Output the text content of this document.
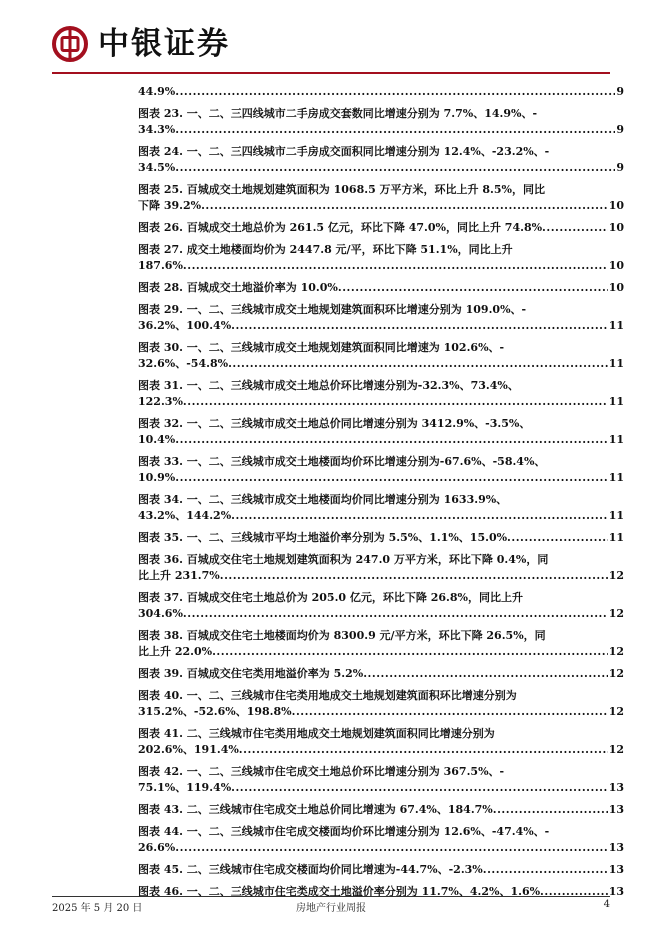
中银证券
44.9% .....	9
图表 23. 一、二、三四线城市二手房成交套数同比增速分别为 7.7%、14.9%、-
34.3% .....	9
图表 24. 一、二、三四线城市二手房成交面积同比增速分别为 12.4%、-23.2%、-
34.5% .....	9
图表 25. 百城成交土地规划建筑面积为 1068.5 万平方米，环比上升 8.5%，同比
下降 39.2% .....	10
图表 26. 百城成交土地总价为 261.5 亿元，环比下降 47.0%，同比上升 74.8% .....	10
图表 27. 成交土地楼面均价为 2447.8 元/平，环比下降 51.1%，同比上升
187.6% .....	10
图表 28. 百城成交土地溢价率为 10.0% .....	10
图表 29. 一、二、三线城市成交土地规划建筑面积环比增速分别为 109.0%、-
36.2%、100.4% .....	11
图表 30. 一、二、三线城市成交土地规划建筑面积同比增速为 102.6%、-
32.6%、-54.8% .....	11
图表 31. 一、二、三线城市成交土地总价环比增速分别为-32.3%、73.4%、
122.3% .....	11
图表 32. 一、二、三线城市成交土地总价同比增速分别为 3412.9%、-3.5%、
10.4% .....	11
图表 33. 一、二、三线城市成交土地楼面均价环比增速分别为-67.6%、-58.4%、
10.9% .....	11
图表 34. 一、二、三线城市成交土地楼面均价同比增速分别为 1633.9%、
43.2%、144.2% .....	11
图表 35. 一、二、三线城市平均土地溢价率分别为 5.5%、1.1%、15.0% .....	11
图表 36. 百城成交住宅土地规划建筑面积为 247.0 万平方米，环比下降 0.4%，同
比上升 231.7% .....	12
图表 37. 百城成交住宅土地总价为 205.0 亿元，环比下降 26.8%，同比上升
304.6% .....	12
图表 38. 百城成交住宅土地楼面均价为 8300.9 元/平方米，环比下降 26.5%，同
比上升 22.0% .....	12
图表 39. 百城成交住宅类用地溢价率为 5.2% .....	12
图表 40. 一、二、三线城市住宅类用地成交土地规划建筑面积环比增速分别为
315.2%、-52.6%、198.8% .....	12
图表 41. 二、三线城市住宅类用地成交土地规划建筑面积同比增速分别为
202.6%、191.4% .....	12
图表 42. 一、二、三线城市住宅成交土地总价环比增速分别为 367.5%、-
75.1%、119.4% .....	13
图表 43. 二、三线城市住宅成交土地总价同比增速为 67.4%、184.7% .....	13
图表 44. 一、二、三线城市住宅成交楼面均价环比增速分别为 12.6%、-47.4%、-
26.6% .....	13
图表 45. 二、三线城市住宅成交楼面均价同比增速为-44.7%、-2.3% .....	13
图表 46. 一、二、三线城市住宅类成交土地溢价率分别为 11.7%、4.2%、1.6% .....	13
2025 年 5 月 20 日	房地产行业周报	4
